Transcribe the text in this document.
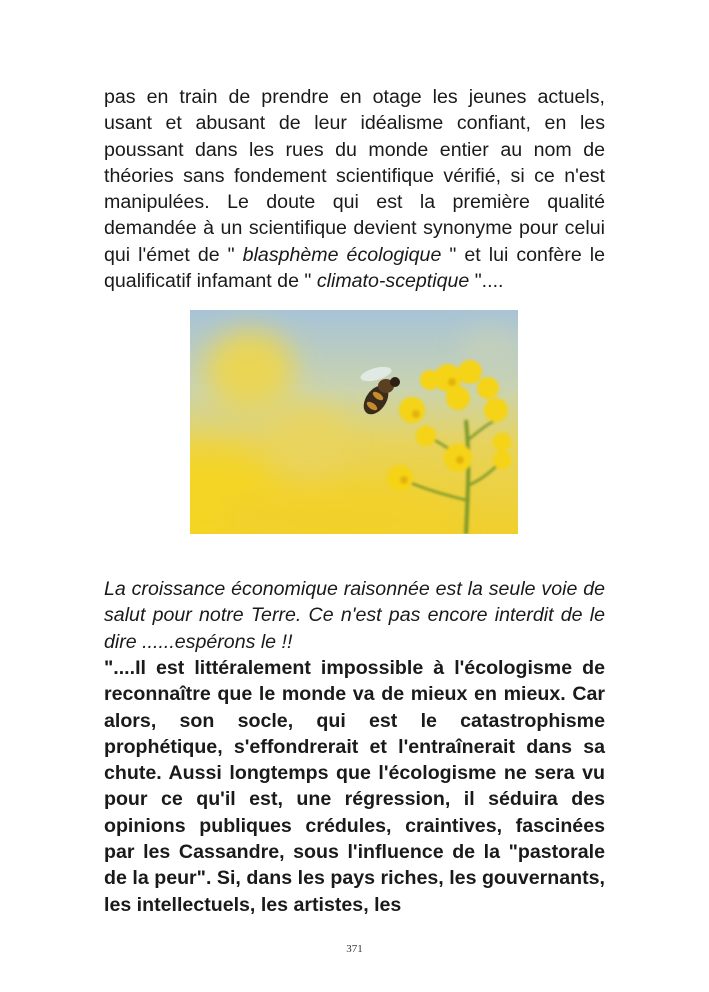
pas en train de prendre en otage les jeunes actuels, usant et abusant de leur idéalisme confiant, en les poussant dans les rues du monde entier au nom de théories sans fondement scientifique vérifié, si ce n'est manipulées. Le doute qui est la première qualité demandée à un scientifique devient synonyme pour celui qui l'émet de " blasphème écologique " et lui confère le qualificatif infamant de " climato-sceptique "....

La croissance économique raisonnée est la seule voie de salut pour notre Terre. Ce n'est pas encore interdit de le dire ......espérons le !!

"....Il est littéralement impossible à l'écologisme de reconnaître que le monde va de mieux en mieux. Car alors, son socle, qui est le catastrophisme prophétique, s'effondrerait et l'entraînerait dans sa chute. Aussi longtemps que l'écologisme ne sera vu pour ce qu'il est, une régression, il séduira des opinions publiques crédules, craintives, fascinées par les Cassandre, sous l'influence de la "pastorale de la peur". Si, dans les pays riches, les gouvernants, les intellectuels, les artistes, les

371
